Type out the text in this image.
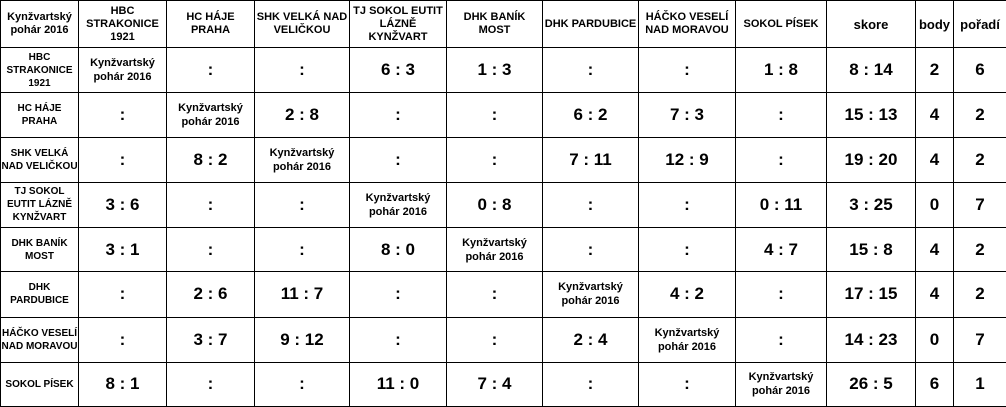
Kynžvartský pohár 2016	HBC STRAKONICE 1921	HC HÁJE PRAHA	SHK VELKÁ NAD VELIČKOU	TJ SOKOL EUTIT LÁZNĚ KYNŽVART	DHK BANÍK MOST	DHK PARDUBICE	HÁČKO VESELÍ NAD MORAVOU	SOKOL PÍSEK	skore	body	pořadí
HBC STRAKONICE 1921	Kynžvartský pohár 2016	:	:	6 : 3	1 : 3	:	:	1 : 8	8 : 14	2	6
HC HÁJE PRAHA	:	Kynžvartský pohár 2016	2 : 8	:	:	6 : 2	7 : 3	:	15 : 13	4	2
SHK VELKÁ NAD VELIČKOU	:	8 : 2	Kynžvartský pohár 2016	:	:	7 : 11	12 : 9	:	19 : 20	4	2
TJ SOKOL EUTIT LÁZNĚ KYNŽVART	3 : 6	:	:	Kynžvartský pohár 2016	0 : 8	:	:	0 : 11	3 : 25	0	7
DHK BANÍK MOST	3 : 1	:	:	8 : 0	Kynžvartský pohár 2016	:	:	4 : 7	15 : 8	4	2
DHK PARDUBICE	:	2 : 6	11 : 7	:	:	Kynžvartský pohár 2016	4 : 2	:	17 : 15	4	2
HÁČKO VESELÍ NAD MORAVOU	:	3 : 7	9 : 12	:	:	2 : 4	Kynžvartský pohár 2016	:	14 : 23	0	7
SOKOL PÍSEK	8 : 1	:	:	11 : 0	7 : 4	:	:	Kynžvartský pohár 2016	26 : 5	6	1
